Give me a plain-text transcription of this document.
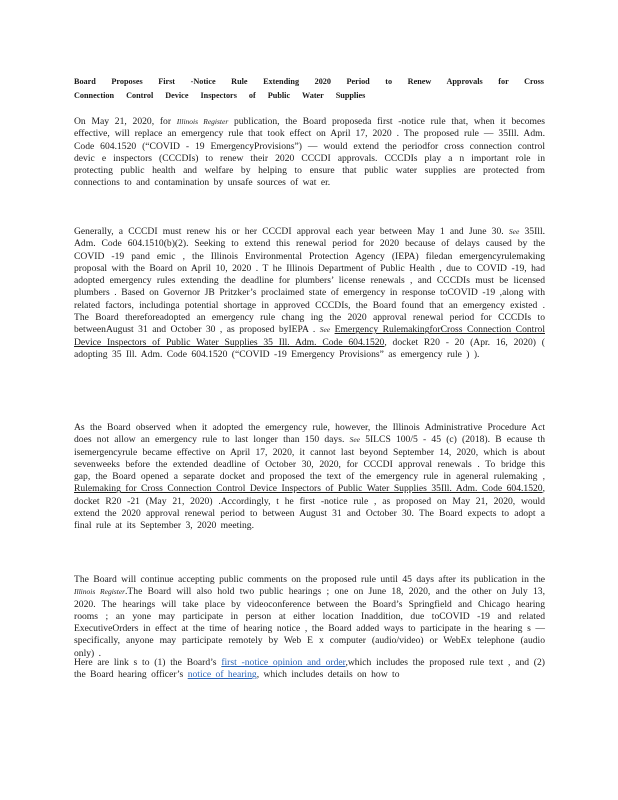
Board Proposes First -Notice Rule Extending 2020 Period to Renew Approvals for Cross Connection Control Device Inspectors of Public Water Supplies
On May 21, 2020, for Illinois Register publication, the Board proposeda first -notice rule that, when it becomes effective, will replace an emergency rule that took effect on April 17, 2020 . The proposed rule — 35Ill. Adm. Code 604.1520 (“COVID - 19 EmergencyProvisions”) — would extend the periodfor cross connection control devic e inspectors (CCCDIs) to renew their 2020 CCCDI approvals. CCCDIs play a n important role in protecting public health and welfare by helping to ensure that public water supplies are protected from connections to and contamination by unsafe sources of wat er.
Generally, a CCCDI must renew his or her CCCDI approval each year between May 1 and June 30. See 35Ill. Adm. Code 604.1510(b)(2). Seeking to extend this renewal period for 2020 because of delays caused by the COVID -19 pand emic , the Illinois Environmental Protection Agency (IEPA) filedan emergencyrulemaking proposal with the Board on April 10, 2020 . T he Illinois Department of Public Health , due to COVID -19, had adopted emergency rules extending the deadline for plumbers’ license renewals , and CCCDIs must be licensed plumbers . Based on Governor JB Pritzker’s proclaimed state of emergency in response toCOVID -19 ,along with related factors, includinga potential shortage in approved CCCDIs, the Board found that an emergency existed . The Board thereforeadopted an emergency rule chang ing the 2020 approval renewal period for CCCDIs to betweenAugust 31 and October 30 , as proposed byIEPA . See Emergency RulemakingforCross Connection Control Device Inspectors of Public Water Supplies 35 Ill. Adm. Code 604.1520, docket R20 - 20 (Apr. 16, 2020) ( adopting 35 Ill. Adm. Code 604.1520 (“COVID -19 Emergency Provisions” as emergency rule ) ).
As the Board observed when it adopted the emergency rule, however, the Illinois Administrative Procedure Act does not allow an emergency rule to last longer than 150 days. See 5ILCS 100/5 - 45 (c) (2018). B ecause th isemergencyrule became effective on April 17, 2020, it cannot last beyond September 14, 2020, which is about sevenweeks before the extended deadline of October 30, 2020, for CCCDI approval renewals . To bridge this gap, the Board opened a separate docket and proposed the text of the emergency rule in ageneral rulemaking , Rulemaking for Cross Connection Control Device Inspectors of Public Water Supplies 35Ill. Adm. Code 604.1520, docket R20 -21 (May 21, 2020) .Accordingly, t he first -notice rule , as proposed on May 21, 2020, would extend the 2020 approval renewal period to between August 31 and October 30. The Board expects to adopt a final rule at its September 3, 2020 meeting.
The Board will continue accepting public comments on the proposed rule until 45 days after its publication in the Illinois Register.The Board will also hold two public hearings ; one on June 18, 2020, and the other on July 13, 2020. The hearings will take place by videoconference between the Board’s Springfield and Chicago hearing rooms ; an yone may participate in person at either location Inaddition, due toCOVID -19 and related ExecutiveOrders in effect at the time of hearing notice , the Board added ways to participate in the hearing s — specifically, anyone may participate remotely by Web E x computer (audio/video) or WebEx telephone (audio only) .
Here are link s to (1) the Board’s first -notice opinion and order,which includes the proposed rule text , and (2) the Board hearing officer’s notice of hearing, which includes details on how to
